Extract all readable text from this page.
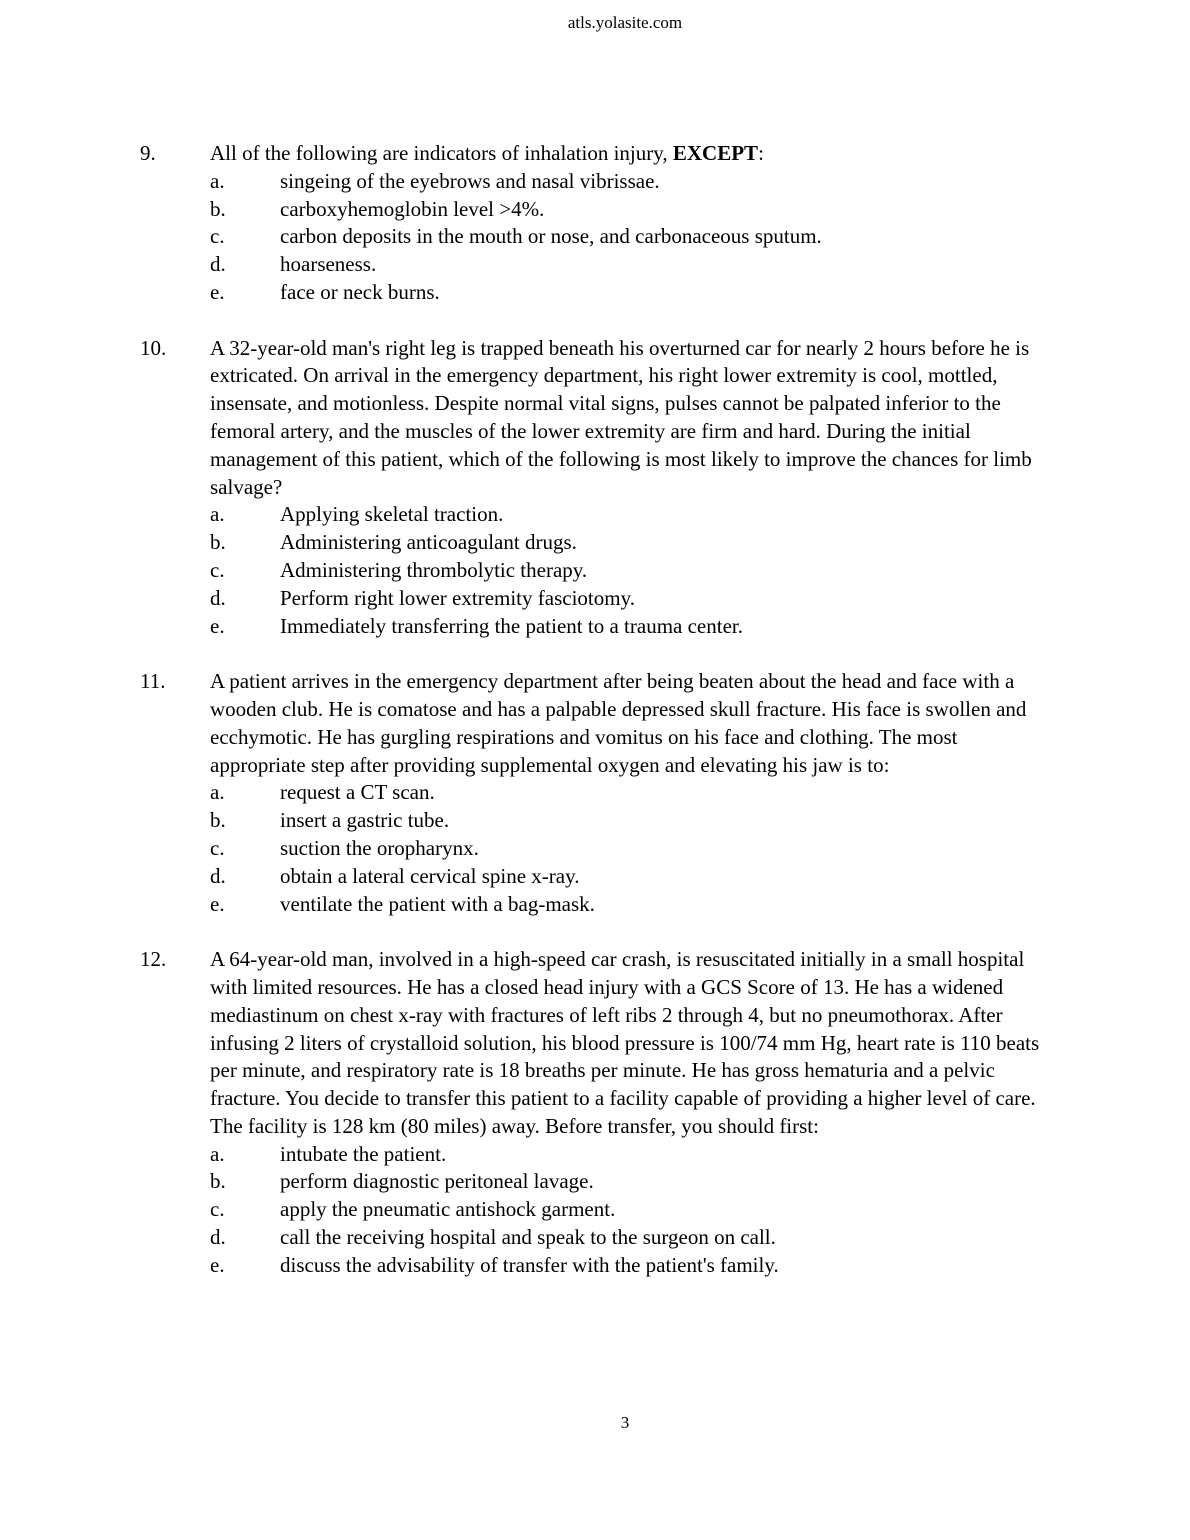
atls.yolasite.com
9.	All of the following are indicators of inhalation injury, EXCEPT:
a.	singeing of the eyebrows and nasal vibrissae.
b.	carboxyhemoglobin level >4%.
c.	carbon deposits in the mouth or nose, and carbonaceous sputum.
d.	hoarseness.
e.	face or neck burns.
10.	A 32-year-old man's right leg is trapped beneath his overturned car for nearly 2 hours before he is extricated. On arrival in the emergency department, his right lower extremity is cool, mottled, insensate, and motionless. Despite normal vital signs, pulses cannot be palpated inferior to the femoral artery, and the muscles of the lower extremity are firm and hard. During the initial management of this patient, which of the following is most likely to improve the chances for limb salvage?
a.	Applying skeletal traction.
b.	Administering anticoagulant drugs.
c.	Administering thrombolytic therapy.
d.	Perform right lower extremity fasciotomy.
e.	Immediately transferring the patient to a trauma center.
11.	A patient arrives in the emergency department after being beaten about the head and face with a wooden club. He is comatose and has a palpable depressed skull fracture. His face is swollen and ecchymotic. He has gurgling respirations and vomitus on his face and clothing. The most appropriate step after providing supplemental oxygen and elevating his jaw is to:
a.	request a CT scan.
b.	insert a gastric tube.
c.	suction the oropharynx.
d.	obtain a lateral cervical spine x-ray.
e.	ventilate the patient with a bag-mask.
12.	A 64-year-old man, involved in a high-speed car crash, is resuscitated initially in a small hospital with limited resources. He has a closed head injury with a GCS Score of 13. He has a widened mediastinum on chest x-ray with fractures of left ribs 2 through 4, but no pneumothorax. After infusing 2 liters of crystalloid solution, his blood pressure is 100/74 mm Hg, heart rate is 110 beats per minute, and respiratory rate is 18 breaths per minute. He has gross hematuria and a pelvic fracture. You decide to transfer this patient to a facility capable of providing a higher level of care. The facility is 128 km (80 miles) away. Before transfer, you should first:
a.	intubate the patient.
b.	perform diagnostic peritoneal lavage.
c.	apply the pneumatic antishock garment.
d.	call the receiving hospital and speak to the surgeon on call.
e.	discuss the advisability of transfer with the patient's family.
3
